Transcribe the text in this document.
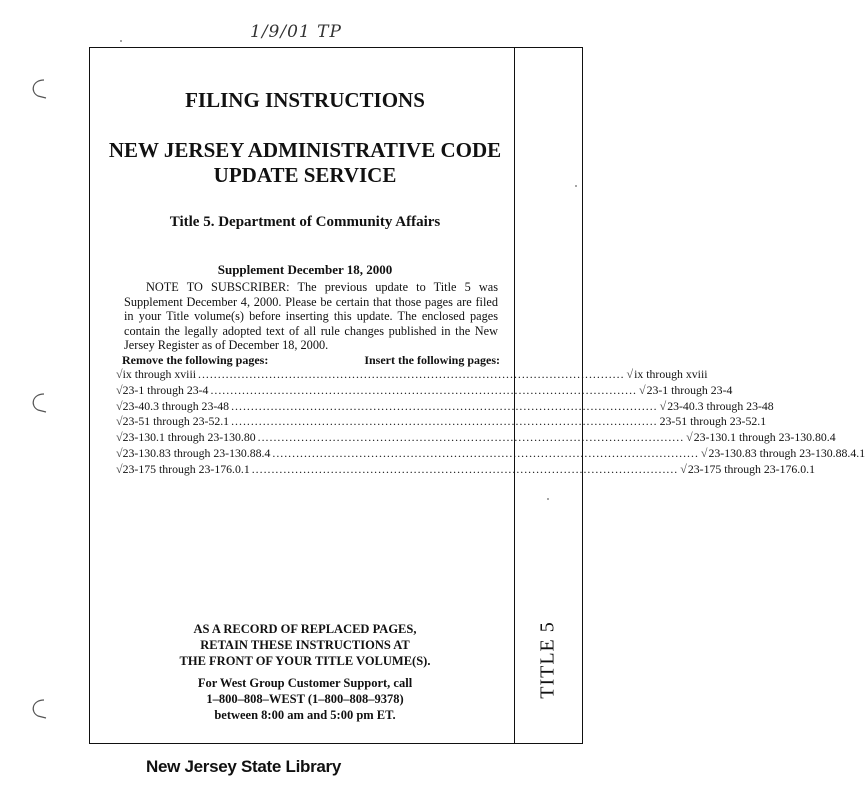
1/9/01 TP
TITLE 5
FILING INSTRUCTIONS
NEW JERSEY ADMINISTRATIVE CODE
UPDATE SERVICE
Title 5. Department of Community Affairs
Supplement December 18, 2000
NOTE TO SUBSCRIBER: The previous update to Title 5 was Supplement December 4, 2000. Please be certain that those pages are filed in your Title volume(s) before inserting this update. The enclosed pages contain the legally adopted text of all rule changes published in the New Jersey Register as of December 18, 2000.
Remove the following pages:	Insert the following pages:
√ ix through xviii ............................................................................................................ √ ix through xviii
√ 23-1 through 23-4 ............................................................................................................ √ 23-1 through 23-4
√ 23-40.3 through 23-48 ............................................................................................................ √ 23-40.3 through 23-48
√ 23-51 through 23-52.1 ............................................................................................................ 23-51 through 23-52.1
√ 23-130.1 through 23-130.80 ............................................................................................................ √ 23-130.1 through 23-130.80.4
√ 23-130.83 through 23-130.88.4 ............................................................................................................ √ 23-130.83 through 23-130.88.4.1
√ 23-175 through 23-176.0.1 ............................................................................................................ √ 23-175 through 23-176.0.1
AS A RECORD OF REPLACED PAGES,
RETAIN THESE INSTRUCTIONS AT
THE FRONT OF YOUR TITLE VOLUME(S).
For West Group Customer Support, call
1–800–808–WEST (1–800–808–9378)
between 8:00 am and 5:00 pm ET.
New Jersey State Library
